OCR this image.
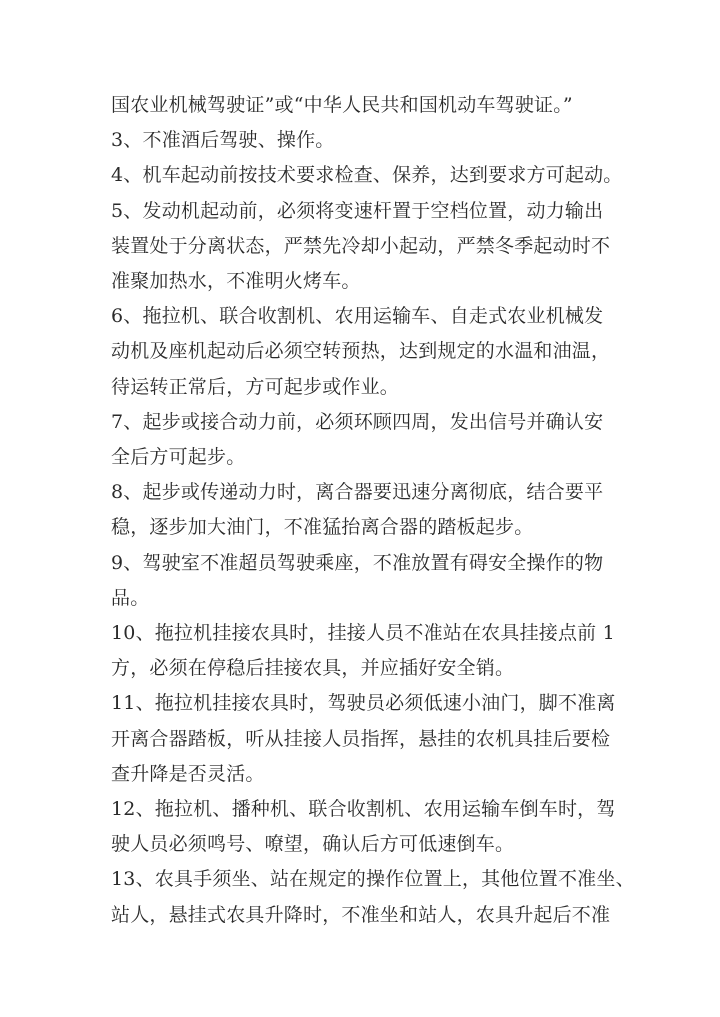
国农业机械驾驶证”或“中华人民共和国机动车驾驶证。”
3、不准酒后驾驶、操作。
4、机车起动前按技术要求检查、保养，达到要求方可起动。
5、发动机起动前，必须将变速杆置于空档位置，动力输出
装置处于分离状态，严禁先冷却小起动，严禁冬季起动时不
准聚加热水，不准明火烤车。
6、拖拉机、联合收割机、农用运输车、自走式农业机械发
动机及座机起动后必须空转预热，达到规定的水温和油温，
待运转正常后，方可起步或作业。
7、起步或接合动力前，必须环顾四周，发出信号并确认安
全后方可起步。
8、起步或传递动力时，离合器要迅速分离彻底，结合要平
稳，逐步加大油门，不准猛抬离合器的踏板起步。
9、驾驶室不准超员驾驶乘座，不准放置有碍安全操作的物
品。
10、拖拉机挂接农具时，挂接人员不准站在农具挂接点前 1
方，必须在停稳后挂接农具，并应插好安全销。
11、拖拉机挂接农具时，驾驶员必须低速小油门，脚不准离
开离合器踏板，听从挂接人员指挥，悬挂的农机具挂后要检
查升降是否灵活。
12、拖拉机、播种机、联合收割机、农用运输车倒车时，驾
驶人员必须鸣号、嘹望，确认后方可低速倒车。
13、农具手须坐、站在规定的操作位置上，其他位置不准坐、
站人，悬挂式农具升降时，不准坐和站人，农具升起后不准
